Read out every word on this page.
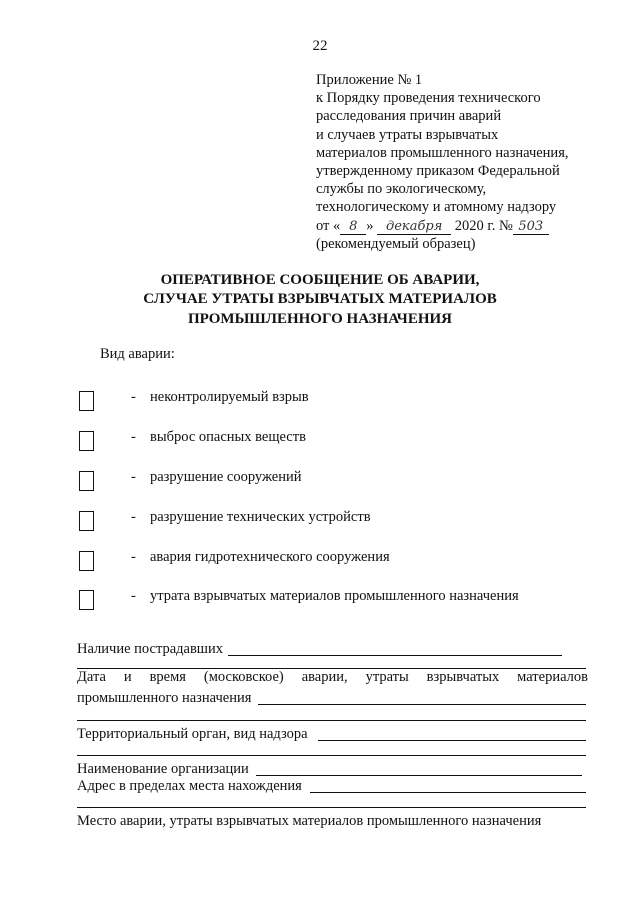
22
Приложение № 1
к Порядку проведения технического
расследования причин аварий
и случаев утраты взрывчатых
материалов промышленного назначения,
утвержденному приказом Федеральной
службы по экологическому,
технологическому и атомному надзору
от « 8 » декабря 2020 г. № 503
(рекомендуемый образец)
ОПЕРАТИВНОЕ СООБЩЕНИЕ ОБ АВАРИИ,
СЛУЧАЕ УТРАТЫ ВЗРЫВЧАТЫХ МАТЕРИАЛОВ
ПРОМЫШЛЕННОГО НАЗНАЧЕНИЯ
Вид аварии:
- неконтролируемый взрыв
- выброс опасных веществ
- разрушение сооружений
- разрушение технических устройств
- авария гидротехнического сооружения
- утрата взрывчатых материалов промышленного назначения
Наличие пострадавших
Дата и время (московское) аварии, утраты взрывчатых материалов
промышленного назначения
Территориальный орган, вид надзора
Наименование организации
Адрес в пределах места нахождения
Место аварии, утраты взрывчатых материалов промышленного назначения
